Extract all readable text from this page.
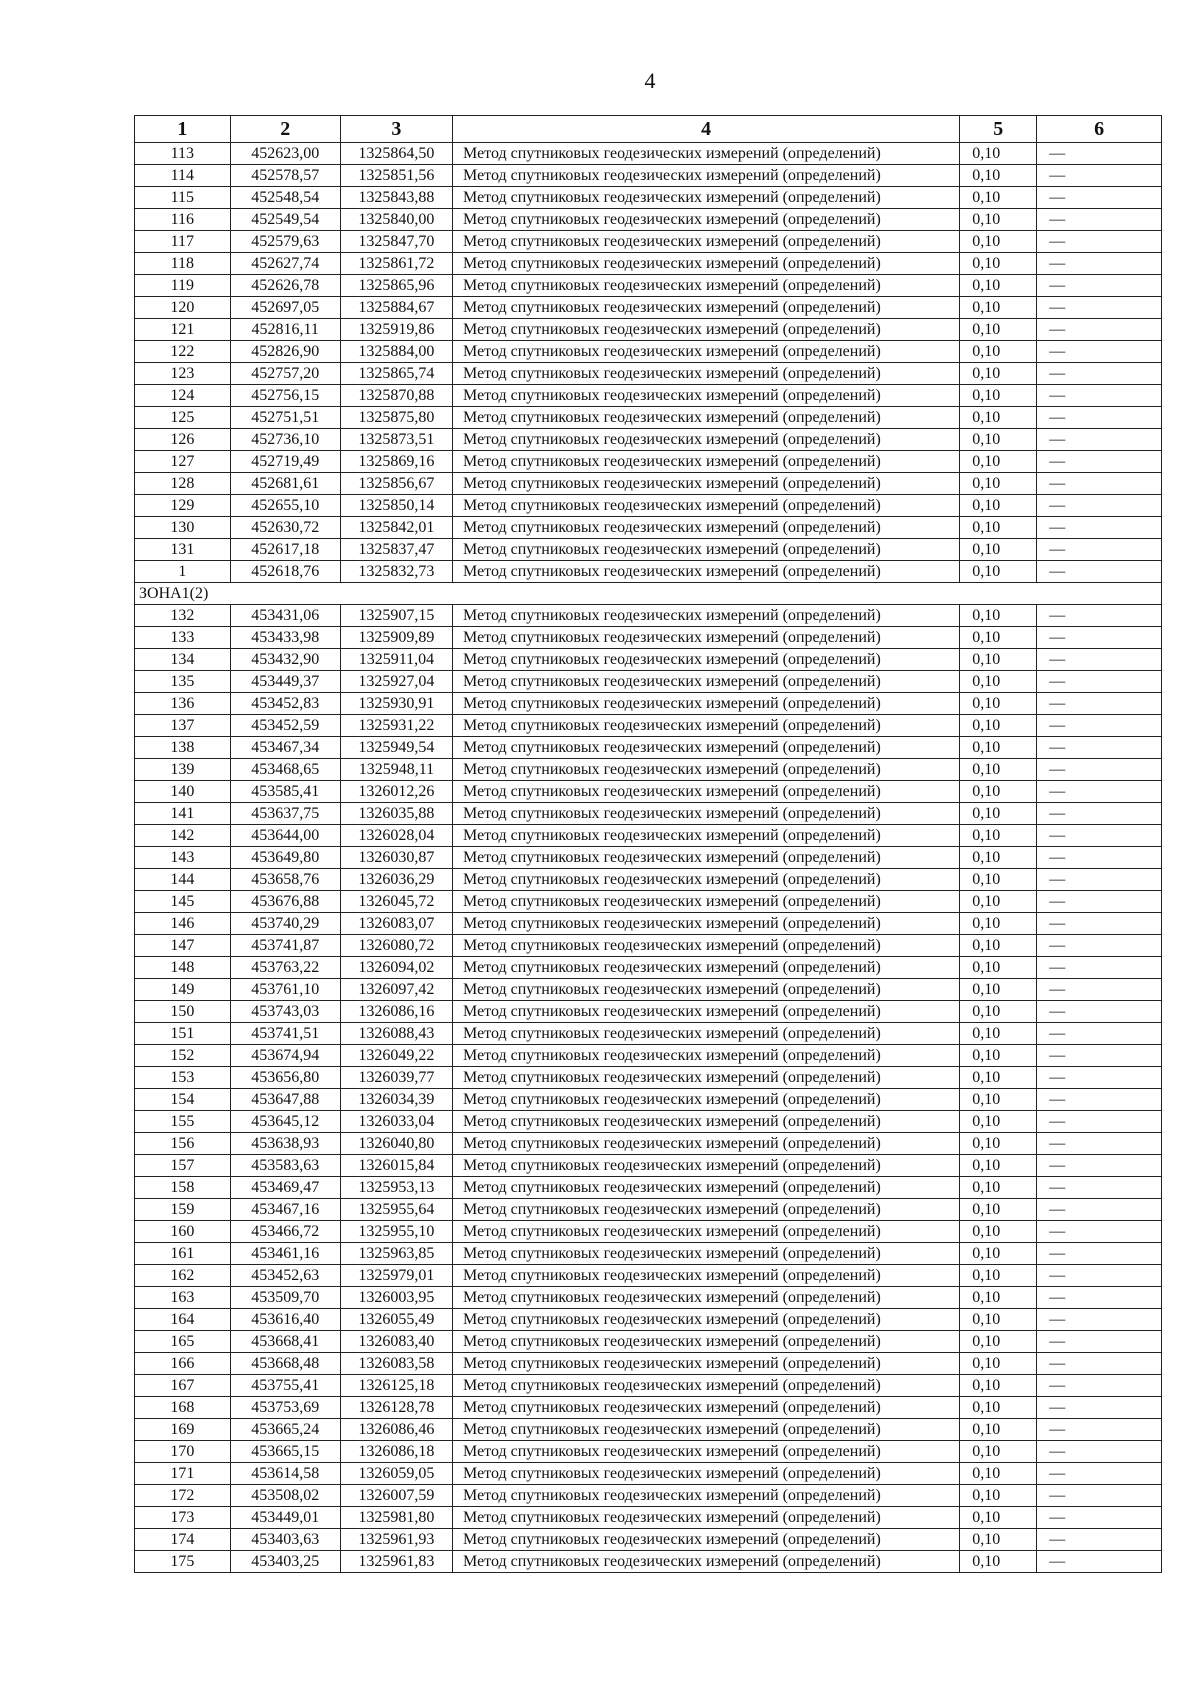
4
1	2	3	4	5	6
113	452623,00	1325864,50	Метод спутниковых геодезических измерений (определений)	0,10	—
114	452578,57	1325851,56	Метод спутниковых геодезических измерений (определений)	0,10	—
115	452548,54	1325843,88	Метод спутниковых геодезических измерений (определений)	0,10	—
116	452549,54	1325840,00	Метод спутниковых геодезических измерений (определений)	0,10	—
117	452579,63	1325847,70	Метод спутниковых геодезических измерений (определений)	0,10	—
118	452627,74	1325861,72	Метод спутниковых геодезических измерений (определений)	0,10	—
119	452626,78	1325865,96	Метод спутниковых геодезических измерений (определений)	0,10	—
120	452697,05	1325884,67	Метод спутниковых геодезических измерений (определений)	0,10	—
121	452816,11	1325919,86	Метод спутниковых геодезических измерений (определений)	0,10	—
122	452826,90	1325884,00	Метод спутниковых геодезических измерений (определений)	0,10	—
123	452757,20	1325865,74	Метод спутниковых геодезических измерений (определений)	0,10	—
124	452756,15	1325870,88	Метод спутниковых геодезических измерений (определений)	0,10	—
125	452751,51	1325875,80	Метод спутниковых геодезических измерений (определений)	0,10	—
126	452736,10	1325873,51	Метод спутниковых геодезических измерений (определений)	0,10	—
127	452719,49	1325869,16	Метод спутниковых геодезических измерений (определений)	0,10	—
128	452681,61	1325856,67	Метод спутниковых геодезических измерений (определений)	0,10	—
129	452655,10	1325850,14	Метод спутниковых геодезических измерений (определений)	0,10	—
130	452630,72	1325842,01	Метод спутниковых геодезических измерений (определений)	0,10	—
131	452617,18	1325837,47	Метод спутниковых геодезических измерений (определений)	0,10	—
1	452618,76	1325832,73	Метод спутниковых геодезических измерений (определений)	0,10	—
ЗОНА1(2)					
132	453431,06	1325907,15	Метод спутниковых геодезических измерений (определений)	0,10	—
133	453433,98	1325909,89	Метод спутниковых геодезических измерений (определений)	0,10	—
134	453432,90	1325911,04	Метод спутниковых геодезических измерений (определений)	0,10	—
135	453449,37	1325927,04	Метод спутниковых геодезических измерений (определений)	0,10	—
136	453452,83	1325930,91	Метод спутниковых геодезических измерений (определений)	0,10	—
137	453452,59	1325931,22	Метод спутниковых геодезических измерений (определений)	0,10	—
138	453467,34	1325949,54	Метод спутниковых геодезических измерений (определений)	0,10	—
139	453468,65	1325948,11	Метод спутниковых геодезических измерений (определений)	0,10	—
140	453585,41	1326012,26	Метод спутниковых геодезических измерений (определений)	0,10	—
141	453637,75	1326035,88	Метод спутниковых геодезических измерений (определений)	0,10	—
142	453644,00	1326028,04	Метод спутниковых геодезических измерений (определений)	0,10	—
143	453649,80	1326030,87	Метод спутниковых геодезических измерений (определений)	0,10	—
144	453658,76	1326036,29	Метод спутниковых геодезических измерений (определений)	0,10	—
145	453676,88	1326045,72	Метод спутниковых геодезических измерений (определений)	0,10	—
146	453740,29	1326083,07	Метод спутниковых геодезических измерений (определений)	0,10	—
147	453741,87	1326080,72	Метод спутниковых геодезических измерений (определений)	0,10	—
148	453763,22	1326094,02	Метод спутниковых геодезических измерений (определений)	0,10	—
149	453761,10	1326097,42	Метод спутниковых геодезических измерений (определений)	0,10	—
150	453743,03	1326086,16	Метод спутниковых геодезических измерений (определений)	0,10	—
151	453741,51	1326088,43	Метод спутниковых геодезических измерений (определений)	0,10	—
152	453674,94	1326049,22	Метод спутниковых геодезических измерений (определений)	0,10	—
153	453656,80	1326039,77	Метод спутниковых геодезических измерений (определений)	0,10	—
154	453647,88	1326034,39	Метод спутниковых геодезических измерений (определений)	0,10	—
155	453645,12	1326033,04	Метод спутниковых геодезических измерений (определений)	0,10	—
156	453638,93	1326040,80	Метод спутниковых геодезических измерений (определений)	0,10	—
157	453583,63	1326015,84	Метод спутниковых геодезических измерений (определений)	0,10	—
158	453469,47	1325953,13	Метод спутниковых геодезических измерений (определений)	0,10	—
159	453467,16	1325955,64	Метод спутниковых геодезических измерений (определений)	0,10	—
160	453466,72	1325955,10	Метод спутниковых геодезических измерений (определений)	0,10	—
161	453461,16	1325963,85	Метод спутниковых геодезических измерений (определений)	0,10	—
162	453452,63	1325979,01	Метод спутниковых геодезических измерений (определений)	0,10	—
163	453509,70	1326003,95	Метод спутниковых геодезических измерений (определений)	0,10	—
164	453616,40	1326055,49	Метод спутниковых геодезических измерений (определений)	0,10	—
165	453668,41	1326083,40	Метод спутниковых геодезических измерений (определений)	0,10	—
166	453668,48	1326083,58	Метод спутниковых геодезических измерений (определений)	0,10	—
167	453755,41	1326125,18	Метод спутниковых геодезических измерений (определений)	0,10	—
168	453753,69	1326128,78	Метод спутниковых геодезических измерений (определений)	0,10	—
169	453665,24	1326086,46	Метод спутниковых геодезических измерений (определений)	0,10	—
170	453665,15	1326086,18	Метод спутниковых геодезических измерений (определений)	0,10	—
171	453614,58	1326059,05	Метод спутниковых геодезических измерений (определений)	0,10	—
172	453508,02	1326007,59	Метод спутниковых геодезических измерений (определений)	0,10	—
173	453449,01	1325981,80	Метод спутниковых геодезических измерений (определений)	0,10	—
174	453403,63	1325961,93	Метод спутниковых геодезических измерений (определений)	0,10	—
175	453403,25	1325961,83	Метод спутниковых геодезических измерений (определений)	0,10	—
